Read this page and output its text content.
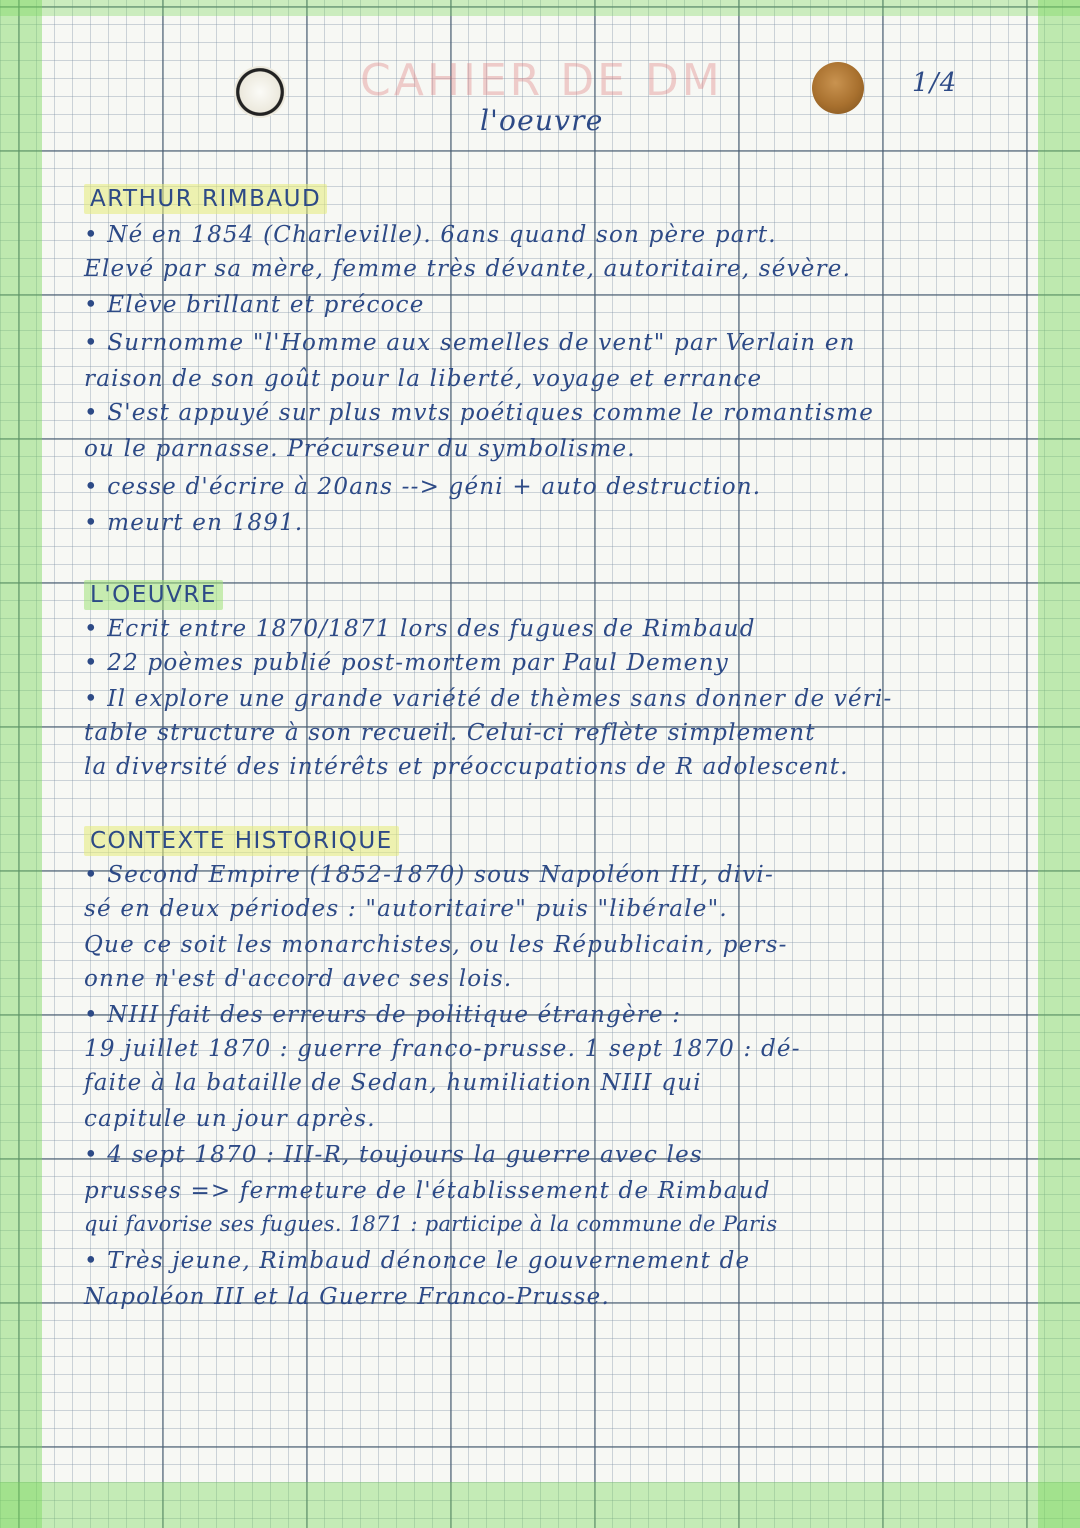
CAHIER DE DM
l'oeuvre
1/4
ARTHUR RIMBAUD
• Né en 1854 (Charleville). 6ans quand son père part.
Elevé par sa mère, femme très dévante, autoritaire, sévère.
• Elève brillant et précoce
• Surnomme "l'Homme aux semelles de vent" par Verlain en
raison de son goût pour la liberté, voyage et errance
• S'est appuyé sur plus mvts poétiques comme le romantisme
ou le parnasse. Précurseur du symbolisme.
• cesse d'écrire à 20ans --> géni + auto destruction.
• meurt en 1891.
L'OEUVRE
• Ecrit entre 1870/1871 lors des fugues de Rimbaud
• 22 poèmes publié post-mortem par Paul Demeny
• Il explore une grande variété de thèmes sans donner de véri-
table structure à son recueil. Celui-ci reflète simplement
la diversité des intérêts et préoccupations de R adolescent.
CONTEXTE HISTORIQUE
• Second Empire (1852-1870) sous Napoléon III, divi-
sé en deux périodes : "autoritaire" puis "libérale".
Que ce soit les monarchistes, ou les Républicain, pers-
onne n'est d'accord avec ses lois.
• NIII fait des erreurs de politique étrangère :
19 juillet 1870 : guerre franco-prusse. 1 sept 1870 : dé-
faite à la bataille de Sedan, humiliation NIII qui
capitule un jour après.
• 4 sept 1870 : III-R, toujours la guerre avec les
prusses => fermeture de l'établissement de Rimbaud
qui favorise ses fugues. 1871 : participe à la commune de Paris
• Très jeune, Rimbaud dénonce le gouvernement de
Napoléon III et la Guerre Franco-Prusse.
